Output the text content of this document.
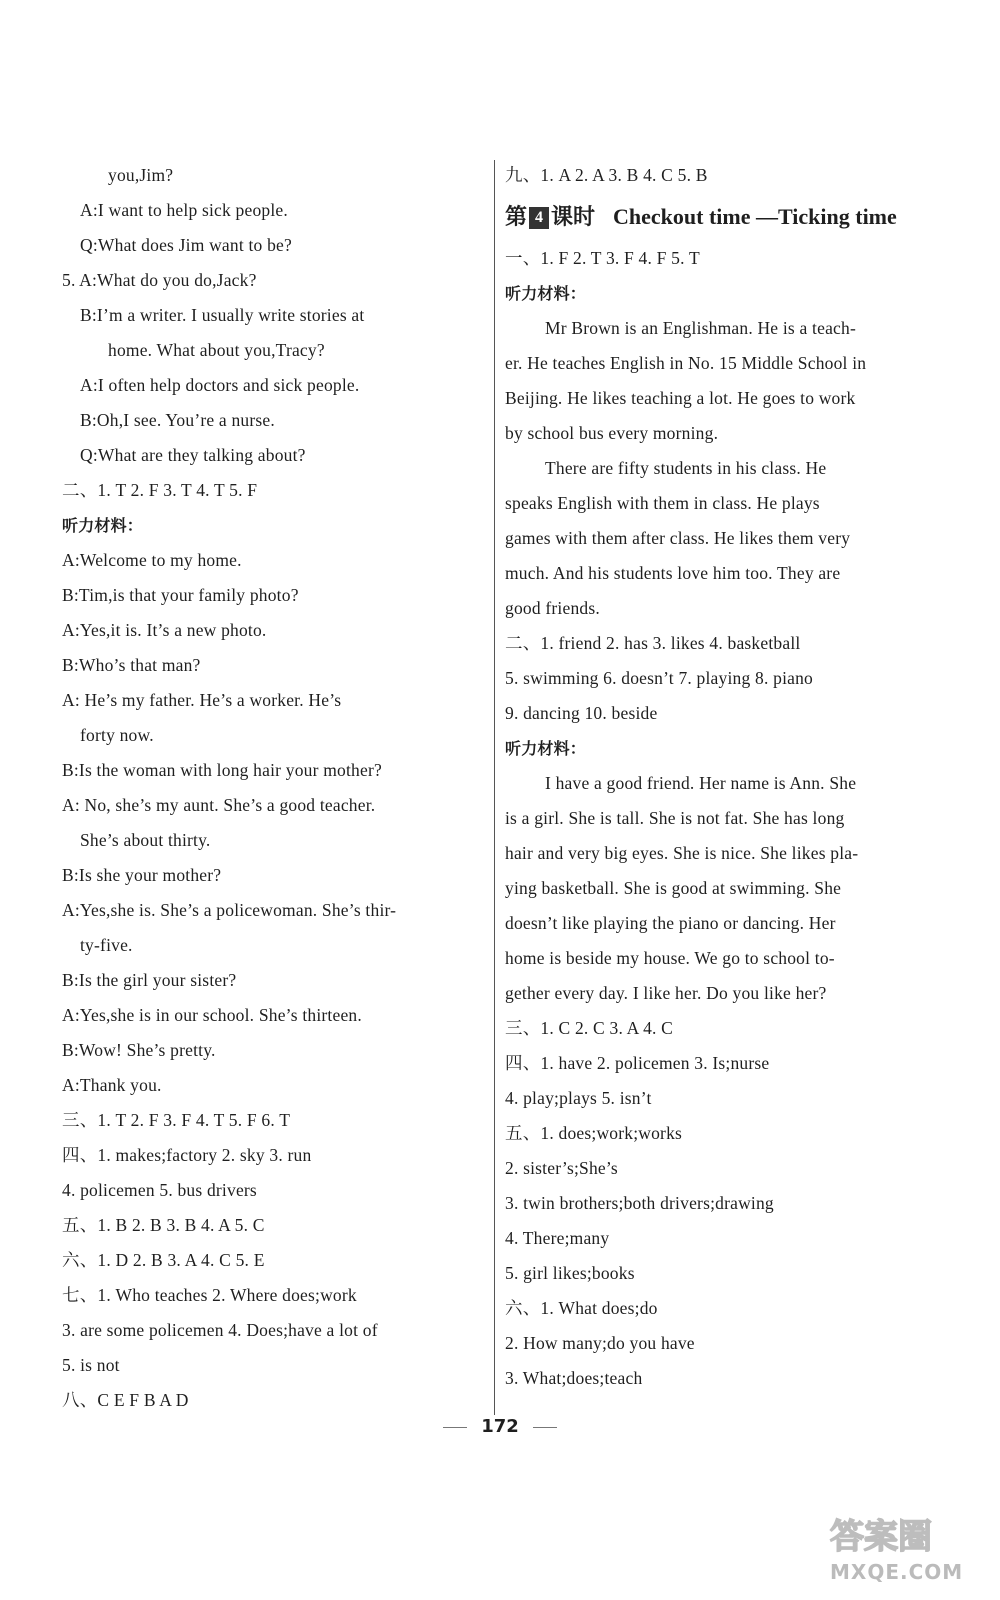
you,Jim?
A:I want to help sick people.
Q:What does Jim want to be?
5. A:What do you do,Jack?
B:I’m a writer. I usually write stories at
home. What about you,Tracy?
A:I often help doctors and sick people.
B:Oh,I see. You’re a nurse.
Q:What are they talking about?
二、1. T 2. F 3. T 4. T 5. F
听力材料：
A:Welcome to my home.
B:Tim,is that your family photo?
A:Yes,it is. It’s a new photo.
B:Who’s that man?
A: He’s my father. He’s a worker. He’s
forty now.
B:Is the woman with long hair your mother?
A: No, she’s my aunt. She’s a good teacher.
She’s about thirty.
B:Is she your mother?
A:Yes,she is. She’s a policewoman. She’s thir-
ty-five.
B:Is the girl your sister?
A:Yes,she is in our school. She’s thirteen.
B:Wow! She’s pretty.
A:Thank you.
三、1. T 2. F 3. F 4. T 5. F 6. T
四、1. makes;factory 2. sky 3. run
4. policemen 5. bus drivers
五、1. B 2. B 3. B 4. A 5. C
六、1. D 2. B 3. A 4. C 5. E
七、1. Who teaches 2. Where does;work
3. are some policemen 4. Does;have a lot of
5. is not
八、C E F B A D
九、1. A 2. A 3. B 4. C 5. B
第 4 课时 Checkout time —Ticking time
一、1. F 2. T 3. F 4. F 5. T
听力材料：
Mr Brown is an Englishman. He is a teach-
er. He teaches English in No. 15 Middle School in
Beijing. He likes teaching a lot. He goes to work
by school bus every morning.
There are fifty students in his class. He
speaks English with them in class. He plays
games with them after class. He likes them very
much. And his students love him too. They are
good friends.
二、1. friend 2. has 3. likes 4. basketball
5. swimming 6. doesn’t 7. playing 8. piano
9. dancing 10. beside
听力材料：
I have a good friend. Her name is Ann. She
is a girl. She is tall. She is not fat. She has long
hair and very big eyes. She is nice. She likes pla-
ying basketball. She is good at swimming. She
doesn’t like playing the piano or dancing. Her
home is beside my house. We go to school to-
gether every day. I like her. Do you like her?
三、1. C 2. C 3. A 4. C
四、1. have 2. policemen 3. Is;nurse
4. play;plays 5. isn’t
五、1. does;work;works
2. sister’s;She’s
3. twin brothers;both drivers;drawing
4. There;many
5. girl likes;books
六、1. What does;do
2. How many;do you have
3. What;does;teach
172
答案圈
MXQE.COM
